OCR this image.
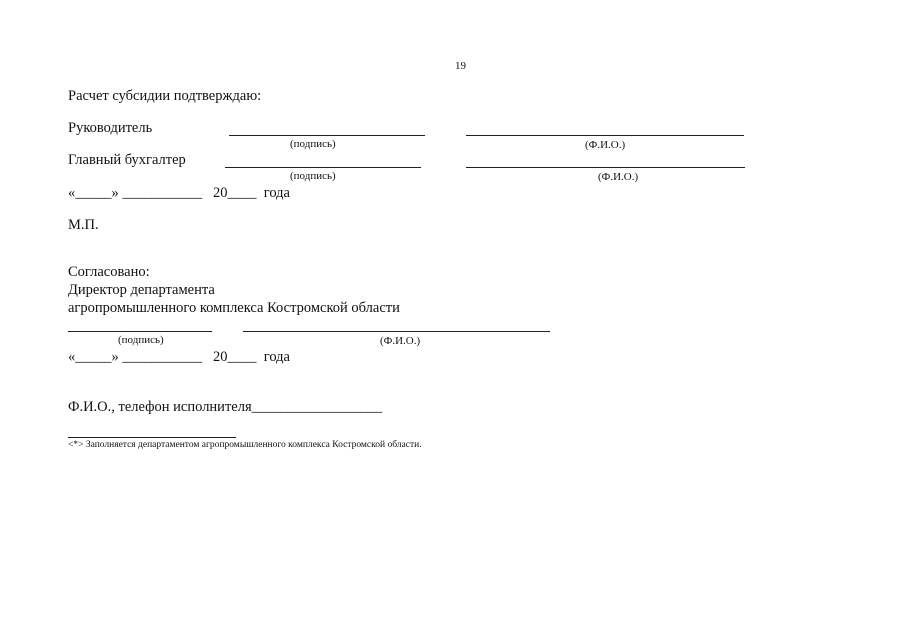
19
Расчет субсидии подтверждаю:
Руководитель
(подпись)	(Ф.И.О.)
Главный бухгалтер
(подпись)	(Ф.И.О.)
«_____» ___________   20____  года
М.П.
Согласовано:
Директор департамента
агропромышленного комплекса Костромской области
(подпись)	(Ф.И.О.)
«_____» ___________   20____  года
Ф.И.О., телефон исполнителя__________________
<*> Заполняется департаментом агропромышленного комплекса Костромской области.
